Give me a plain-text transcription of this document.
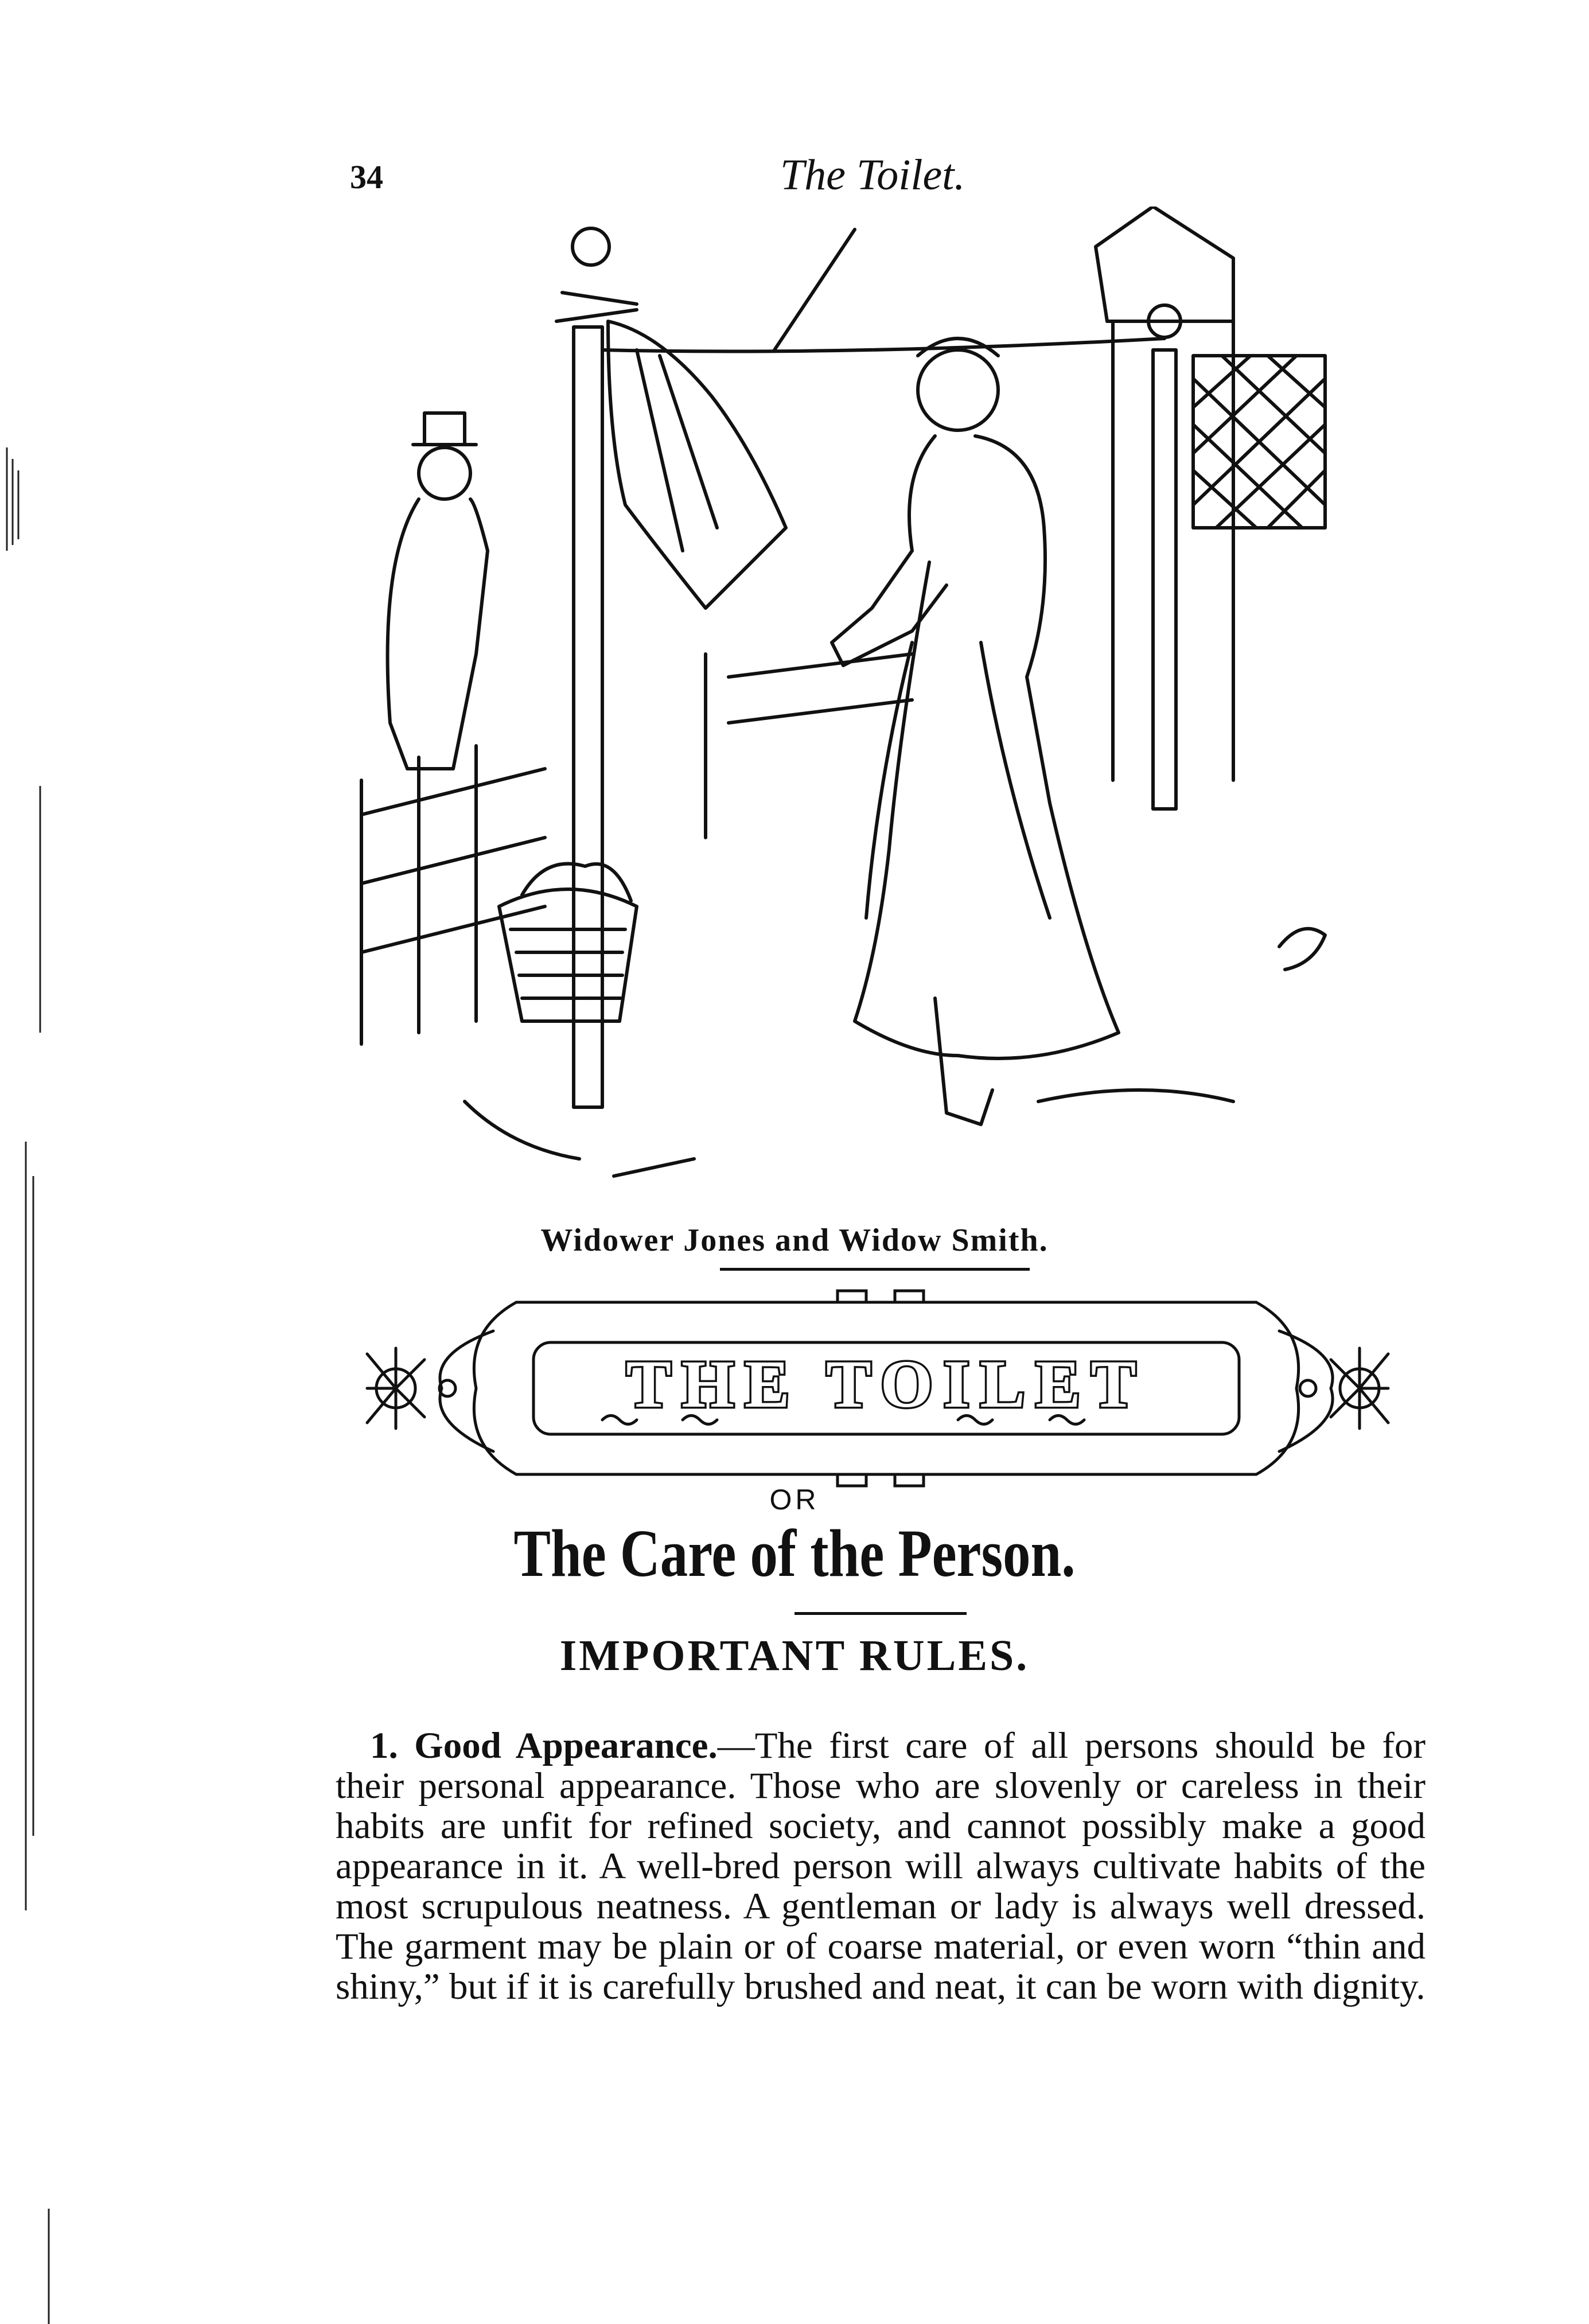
34	The Toilet.
Widower Jones and Widow Smith.
THE TOILET
OR
The Care of the Person.
IMPORTANT RULES.

1. Good Appearance.—The first care of all persons should be for their personal appearance. Those who are slovenly or careless in their habits are unfit for refined society, and cannot possibly make a good appearance in it. A well-bred person will always cultivate habits of the most scrupulous neatness. A gentleman or lady is always well dressed. The garment may be plain or of coarse material, or even worn “thin and shiny,” but if it is carefully brushed and neat, it can be worn with dignity.
